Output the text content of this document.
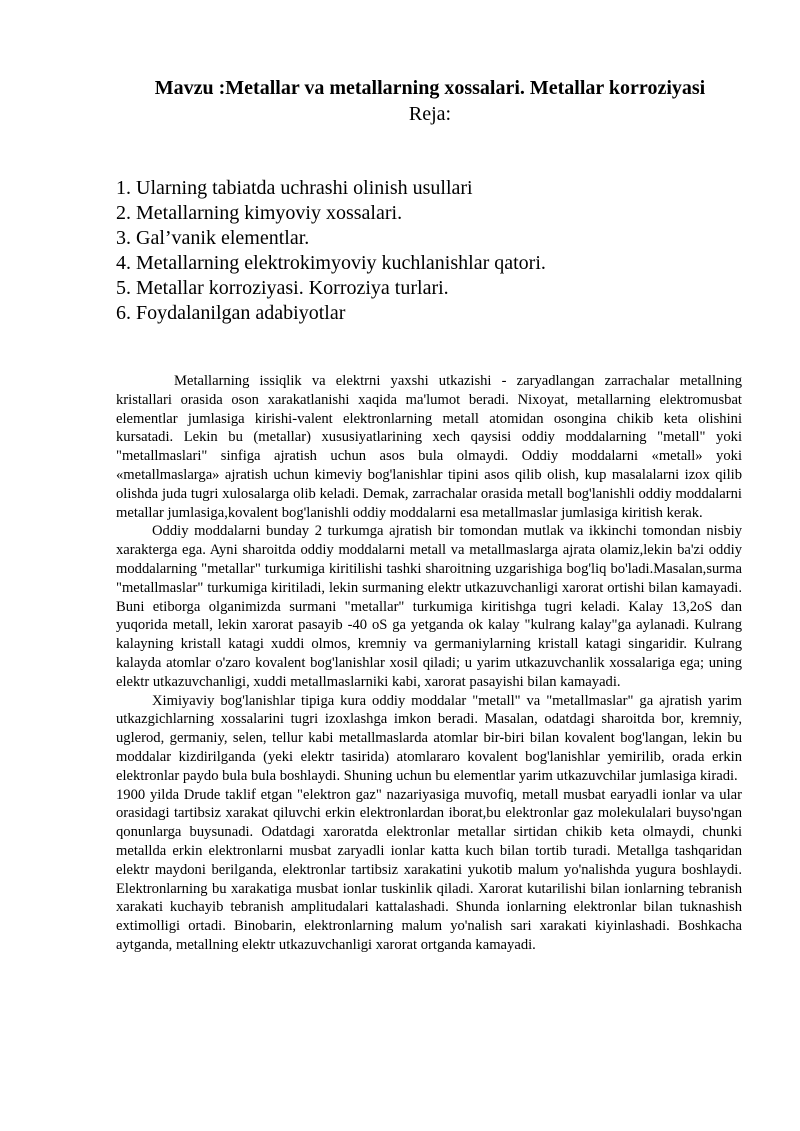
Mavzu :Metallar va metallarning xossalari. Metallar korroziyasi
Reja:
1. Ularning tabiatda uchrashi olinish usullari
2. Metallarning kimyoviy xossalari.
3. Gal’vanik elementlar.
4. Metallarning elektrokimyoviy kuchlanishlar qatori.
5. Metallar korroziyasi. Korroziya turlari.
6. Foydalanilgan adabiyotlar

Metallarning issiqlik va elektrni yaxshi utkazishi - zaryadlangan zarrachalar metallning kristallari orasida oson xarakatlanishi xaqida ma'lumot beradi. Nixoyat, metallarning elektromusbat elementlar jumlasiga kirishi-valent elektronlarning metall atomidan osongina chikib keta olishini kursatadi. Lekin bu (metallar) xususiyatlarining xech qaysisi oddiy moddalarning "metall" yoki "metallmaslari" sinfiga ajratish uchun asos bula olmaydi. Oddiy moddalarni «metall» yoki «metallmaslarga» ajratish uchun kimeviy bog'lanishlar tipini asos qilib olish, kup masalalarni izox qilib olishda juda tugri xulosalarga olib keladi. Demak, zarrachalar orasida metall bog'lanishli oddiy moddalarni metallar jumlasiga,kovalent bog'lanishli oddiy moddalarni esa metallmaslar jumlasiga kiritish kerak.

Oddiy moddalarni bunday 2 turkumga ajratish bir tomondan mutlak va ikkinchi tomondan nisbiy xarakterga ega. Ayni sharoitda oddiy moddalarni metall va metallmaslarga ajrata olamiz,lekin ba'zi oddiy moddalarning "metallar" turkumiga kiritilishi tashki sharoitning uzgarishiga bog'liq bo'ladi.Masalan,surma "metallmaslar" turkumiga kiritiladi, lekin surmaning elektr utkazuvchanligi xarorat ortishi bilan kamayadi. Buni etiborga olganimizda surmani "metallar" turkumiga kiritishga tugri keladi. Kalay 13,2oS dan yuqorida metall, lekin xarorat pasayib -40 oS ga yetganda ok kalay "kulrang kalay"ga aylanadi. Kulrang kalayning kristall katagi xuddi olmos, kremniy va germaniylarning kristall katagi singaridir. Kulrang kalayda atomlar o'zaro kovalent bog'lanishlar xosil qiladi; u yarim utkazuvchanlik xossalariga ega; uning elektr utkazuvchanligi, xuddi metallmaslarniki kabi, xarorat pasayishi bilan kamayadi.

Ximiyaviy bog'lanishlar tipiga kura oddiy moddalar "metall" va "metallmaslar" ga ajratish yarim utkazgichlarning xossalarini tugri izoxlashga imkon beradi. Masalan, odatdagi sharoitda bor, kremniy, uglerod, germaniy, selen, tellur kabi metallmaslarda atomlar bir-biri bilan kovalent bog'langan, lekin bu moddalar kizdirilganda (yeki elektr tasirida) atomlararo kovalent bog'lanishlar yemirilib, orada erkin elektronlar paydo bula bula boshlaydi. Shuning uchun bu elementlar yarim utkazuvchilar jumlasiga kiradi.

1900 yilda Drude taklif etgan "elektron gaz" nazariyasiga muvofiq, metall musbat earyadli ionlar va ular orasidagi tartibsiz xarakat qiluvchi erkin elektronlardan iborat,bu elektronlar gaz molekulalari buyso'ngan qonunlarga buysunadi. Odatdagi xaroratda elektronlar metallar sirtidan chikib keta olmaydi, chunki metallda erkin elektronlarni musbat zaryadli ionlar katta kuch bilan tortib turadi. Metallga tashqaridan elektr maydoni berilganda, elektronlar tartibsiz xarakatini yukotib malum yo'nalishda yugura boshlaydi. Elektronlarning bu xarakatiga musbat ionlar tuskinlik qiladi. Xarorat kutarilishi bilan ionlarning tebranish xarakati kuchayib tebranish amplitudalari kattalashadi. Shunda ionlarning elektronlar bilan tuknashish extimolligi ortadi. Binobarin, elektronlarning malum yo'nalish sari xarakati kiyinlashadi. Boshkacha aytganda, metallning elektr utkazuvchanligi xarorat ortganda kamayadi.
